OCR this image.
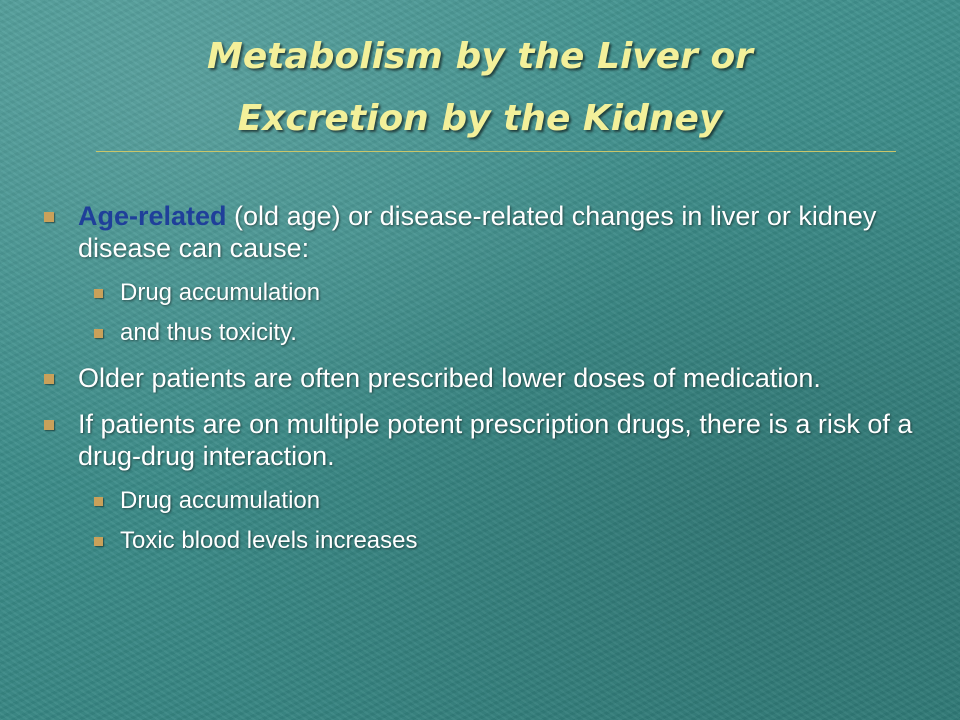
Metabolism by the Liver or
Excretion by the Kidney
Age-related (old age) or disease-related changes in liver or kidney disease can cause:
Drug accumulation
and thus toxicity.
Older patients are often prescribed lower doses of medication.
If patients are on multiple potent prescription drugs, there is a risk of a drug-drug interaction.
Drug accumulation
Toxic blood levels increases
